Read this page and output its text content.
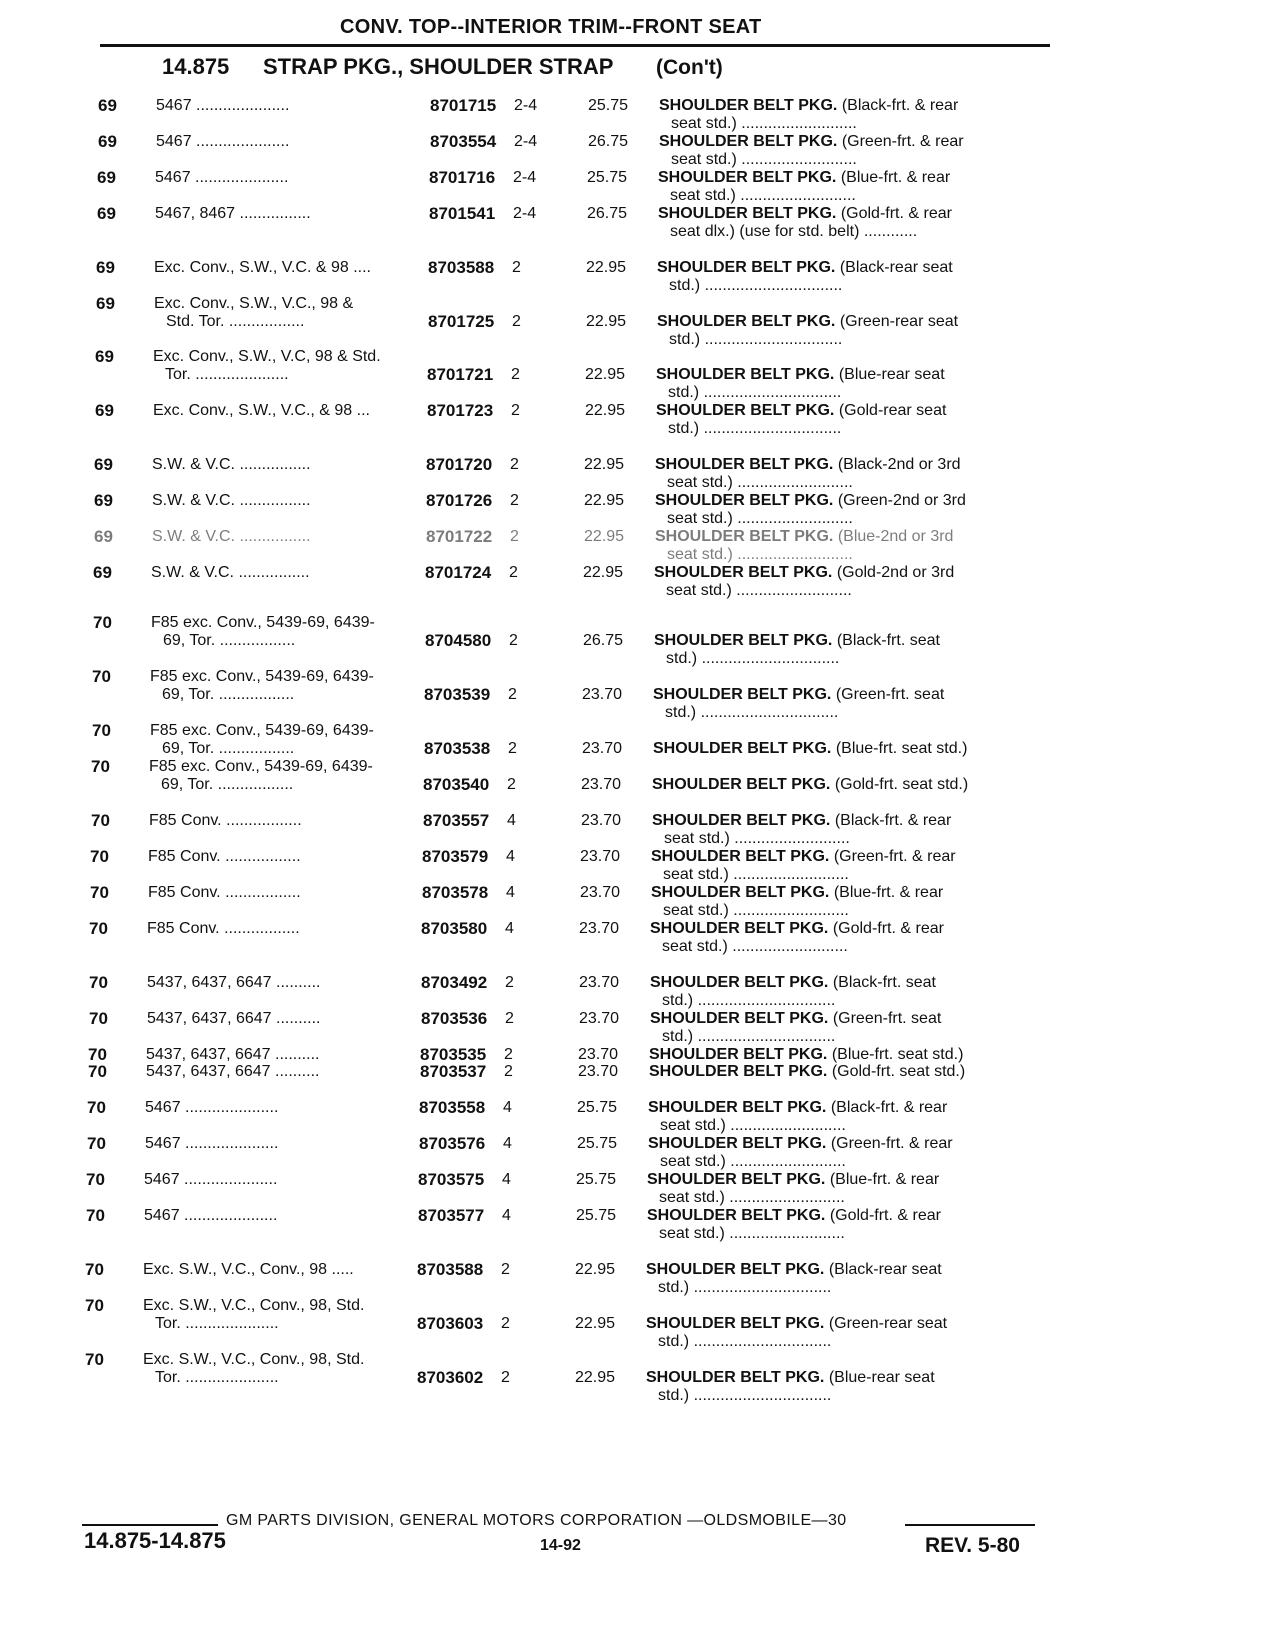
CONV. TOP--INTERIOR TRIM--FRONT SEAT
14.875 STRAP PKG., SHOULDER STRAP (Con't)
69 5467 .....................	8701715 2-4	25.75 SHOULDER BELT PKG. (Black-frt. & rear
seat std.) ..........................
69 5467 .....................	8703554 2-4	26.75 SHOULDER BELT PKG. (Green-frt. & rear
seat std.) ..........................
69 5467 .....................	8701716 2-4	25.75 SHOULDER BELT PKG. (Blue-frt. & rear
seat std.) ..........................
69 5467, 8467 ................	8701541 2-4	26.75 SHOULDER BELT PKG. (Gold-frt. & rear
seat dlx.) (use for std. belt) ............
69 Exc. Conv., S.W., V.C. & 98 ....	8703588 2	22.95 SHOULDER BELT PKG. (Black-rear seat
std.) ...............................
69 Exc. Conv., S.W., V.C., 98 &
Std. Tor. .................	8701725 2	22.95 SHOULDER BELT PKG. (Green-rear seat
std.) ...............................
69 Exc. Conv., S.W., V.C, 98 & Std.
Tor. .....................	8701721 2	22.95 SHOULDER BELT PKG. (Blue-rear seat
std.) ...............................
69 Exc. Conv., S.W., V.C., & 98 ...	8701723 2	22.95 SHOULDER BELT PKG. (Gold-rear seat
std.) ...............................
69 S.W. & V.C. ................	8701720 2	22.95 SHOULDER BELT PKG. (Black-2nd or 3rd
seat std.) ..........................
69 S.W. & V.C. ................	8701726 2	22.95 SHOULDER BELT PKG. (Green-2nd or 3rd
seat std.) ..........................
69 S.W. & V.C. ................	8701722 2	22.95 SHOULDER BELT PKG. (Blue-2nd or 3rd
seat std.) ..........................
69 S.W. & V.C. ................	8701724 2	22.95 SHOULDER BELT PKG. (Gold-2nd or 3rd
seat std.) ..........................
70 F85 exc. Conv., 5439-69, 6439-
69, Tor. .................	8704580 2	26.75 SHOULDER BELT PKG. (Black-frt. seat
std.) ...............................
70 F85 exc. Conv., 5439-69, 6439-
69, Tor. .................	8703539 2	23.70 SHOULDER BELT PKG. (Green-frt. seat
std.) ...............................
70 F85 exc. Conv., 5439-69, 6439-
69, Tor. .................	8703538 2	23.70 SHOULDER BELT PKG. (Blue-frt. seat std.)
70 F85 exc. Conv., 5439-69, 6439-
69, Tor. .................	8703540 2	23.70 SHOULDER BELT PKG. (Gold-frt. seat std.)
70 F85 Conv. .................	8703557 4	23.70 SHOULDER BELT PKG. (Black-frt. & rear
seat std.) ..........................
70 F85 Conv. .................	8703579 4	23.70 SHOULDER BELT PKG. (Green-frt. & rear
seat std.) ..........................
70 F85 Conv. .................	8703578 4	23.70 SHOULDER BELT PKG. (Blue-frt. & rear
seat std.) ..........................
70 F85 Conv. .................	8703580 4	23.70 SHOULDER BELT PKG. (Gold-frt. & rear
seat std.) ..........................
70 5437, 6437, 6647 ..........	8703492 2	23.70 SHOULDER BELT PKG. (Black-frt. seat
std.) ...............................
70 5437, 6437, 6647 ..........	8703536 2	23.70 SHOULDER BELT PKG. (Green-frt. seat
std.) ...............................
70 5437, 6437, 6647 ..........	8703535 2	23.70 SHOULDER BELT PKG. (Blue-frt. seat std.)
70 5437, 6437, 6647 ..........	8703537 2	23.70 SHOULDER BELT PKG. (Gold-frt. seat std.)
70 5467 .....................	8703558 4	25.75 SHOULDER BELT PKG. (Black-frt. & rear
seat std.) ..........................
70 5467 .....................	8703576 4	25.75 SHOULDER BELT PKG. (Green-frt. & rear
seat std.) ..........................
70 5467 .....................	8703575 4	25.75 SHOULDER BELT PKG. (Blue-frt. & rear
seat std.) ..........................
70 5467 .....................	8703577 4	25.75 SHOULDER BELT PKG. (Gold-frt. & rear
seat std.) ..........................
70 Exc. S.W., V.C., Conv., 98 .....	8703588 2	22.95 SHOULDER BELT PKG. (Black-rear seat
std.) ...............................
70 Exc. S.W., V.C., Conv., 98, Std.
Tor. .....................	8703603 2	22.95 SHOULDER BELT PKG. (Green-rear seat
std.) ...............................
70 Exc. S.W., V.C., Conv., 98, Std.
Tor. .....................	8703602 2	22.95 SHOULDER BELT PKG. (Blue-rear seat
std.) ...............................
GM PARTS DIVISION, GENERAL MOTORS CORPORATION —OLDSMOBILE—30
14.875-14.875	14-92	REV. 5-80
